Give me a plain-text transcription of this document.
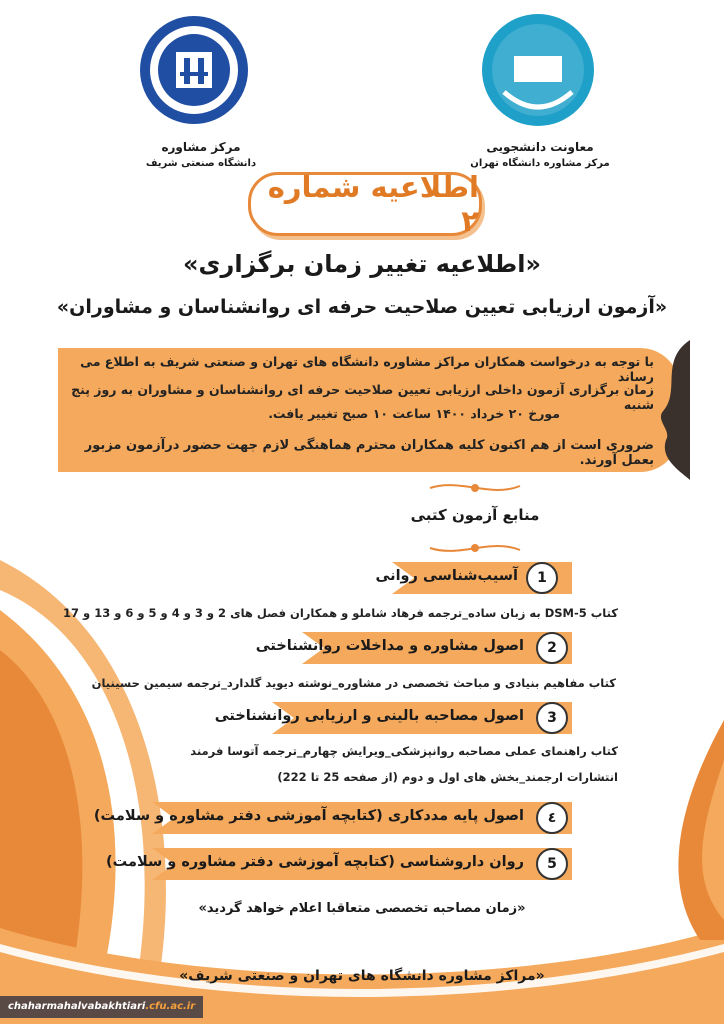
مرکز مشاوره
دانشگاه صنعتی شریف
معاونت دانشجویی
مرکز مشاوره دانشگاه تهران
اطلاعیه شماره ۲
«اطلاعیه تغییر زمان برگزاری»
«آزمون ارزیابی تعیین صلاحیت حرفه ای روانشناسان و مشاوران»

با توجه به درخواست همکاران مراکز مشاوره دانشگاه های تهران و صنعتی شریف به اطلاع می رساند

زمان برگزاری آزمون داخلی ارزیابی تعیین صلاحیت حرفه ای روانشناسان و مشاوران به روز پنج شنبه

مورخ ۲۰ خرداد ۱۴۰۰ ساعت ۱۰ صبح تغییر یافت.

ضروری است از هم اکنون کلیه همکاران محترم هماهنگی لازم جهت حضور درآزمون مزبور بعمل آورند.

منابع آزمون کتبی
1
آسیب‌شناسی روانی
کتاب DSM-5 به زبان ساده_ترجمه فرهاد شاملو و همکاران فصل های 2 و 3 و 4 و 5 و 6 و 13 و 17
2
اصول مشاوره و مداخلات روانشناختی
کتاب مفاهیم بنیادی و مباحث تخصصی در مشاوره_نوشته دیوید گلدارد_ترجمه سیمین حسینیان
3
اصول مصاحبه بالینی و ارزیابی روانشناختی
کتاب راهنمای عملی مصاحبه روانپزشکی_ویرایش چهارم_ترجمه آتوسا فرمند
انتشارات ارجمند_بخش های اول و دوم (از صفحه 25 تا 222)
٤
اصول پایه مددکاری (کتابچه آموزشی دفتر مشاوره و سلامت)
5
روان داروشناسی (کتابچه آموزشی دفتر مشاوره و سلامت)
«زمان مصاحبه تخصصی متعاقبا اعلام خواهد گردید»
«مراکز مشاوره دانشگاه های تهران و صنعتی شریف»
chaharmahalvabakhtiari.cfu.ac.ir
